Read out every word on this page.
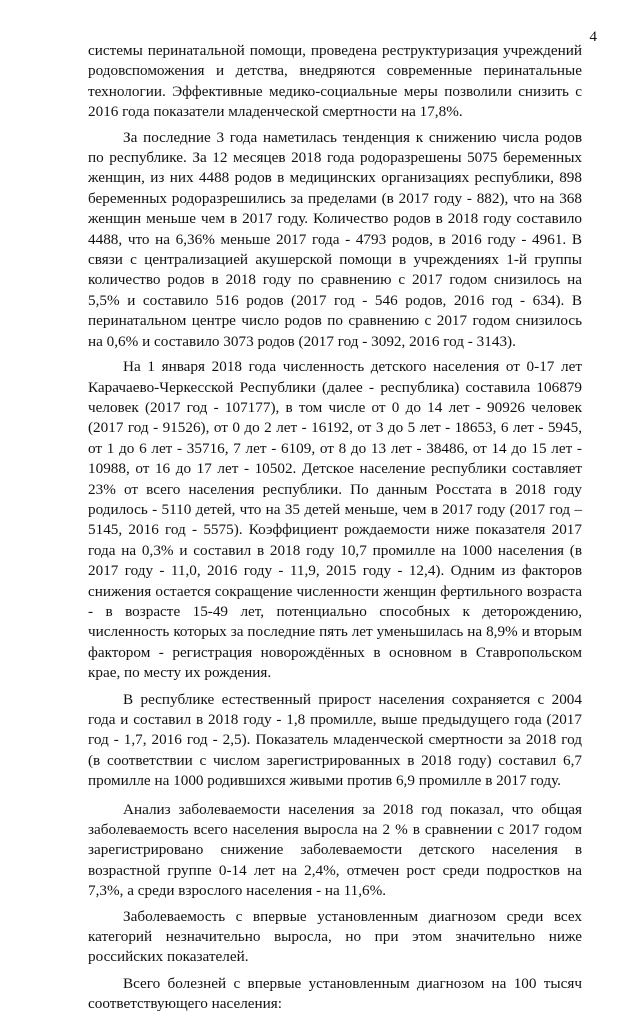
4

системы перинатальной помощи, проведена реструктуризация учреждений родовспоможения и детства, внедряются современные перинатальные технологии. Эффективные медико-социальные меры позволили снизить с 2016 года показатели младенческой смертности на 17,8%.

За последние 3 года наметилась тенденция к снижению числа родов по республике. За 12 месяцев 2018 года родоразрешены 5075 беременных женщин, из них 4488 родов в медицинских организациях республики, 898 беременных родоразрешились за пределами (в 2017 году - 882), что на 368 женщин меньше чем в 2017 году. Количество родов в 2018 году составило 4488, что на 6,36% меньше 2017 года - 4793 родов, в 2016 году - 4961. В связи с централизацией акушерской помощи в учреждениях 1-й группы количество родов в 2018 году по сравнению с 2017 годом снизилось на 5,5% и составило 516 родов (2017 год - 546 родов, 2016 год - 634). В перинатальном центре число родов по сравнению с 2017 годом снизилось на 0,6% и составило 3073 родов (2017 год - 3092, 2016 год - 3143).

На 1 января 2018 года численность детского населения от 0-17 лет Карачаево-Черкесской Республики (далее - республика) составила 106879 человек (2017 год - 107177), в том числе от 0 до 14 лет - 90926 человек (2017 год - 91526), от 0 до 2 лет - 16192, от 3 до 5 лет - 18653, 6 лет - 5945, от 1 до 6 лет - 35716, 7 лет - 6109, от 8 до 13 лет - 38486, от 14 до 15 лет - 10988, от 16 до 17 лет - 10502. Детское население республики составляет 23% от всего населения республики. По данным Росстата в 2018 году родилось - 5110 детей, что на 35 детей меньше, чем в 2017 году (2017 год – 5145, 2016 год - 5575). Коэффициент рождаемости ниже показателя 2017 года на 0,3% и составил в 2018 году 10,7 промилле на 1000 населения (в 2017 году - 11,0, 2016 году - 11,9, 2015 году - 12,4). Одним из факторов снижения остается сокращение численности женщин фертильного возраста - в возрасте 15-49 лет, потенциально способных к деторождению, численность которых за последние пять лет уменьшилась на 8,9% и вторым фактором - регистрация новорождённых в основном в Ставропольском крае, по месту их рождения.

В республике естественный прирост населения сохраняется с 2004 года и составил в 2018 году - 1,8 промилле, выше предыдущего года (2017 год - 1,7, 2016 год - 2,5). Показатель младенческой смертности за 2018 год (в соответствии с числом зарегистрированных в 2018 году) составил 6,7 промилле на 1000 родившихся живыми против 6,9 промилле в 2017 году.

Анализ заболеваемости населения за 2018 год показал, что общая заболеваемость всего населения выросла на 2 % в сравнении с 2017 годом зарегистрировано снижение заболеваемости детского населения в возрастной группе 0-14 лет на 2,4%, отмечен рост среди подростков на 7,3%, а среди взрослого населения - на 11,6%.

Заболеваемость с впервые установленным диагнозом среди всех категорий незначительно выросла, но при этом значительно ниже российских показателей.

Всего болезней с впервые установленным диагнозом на 100 тысяч соответствующего населения:
